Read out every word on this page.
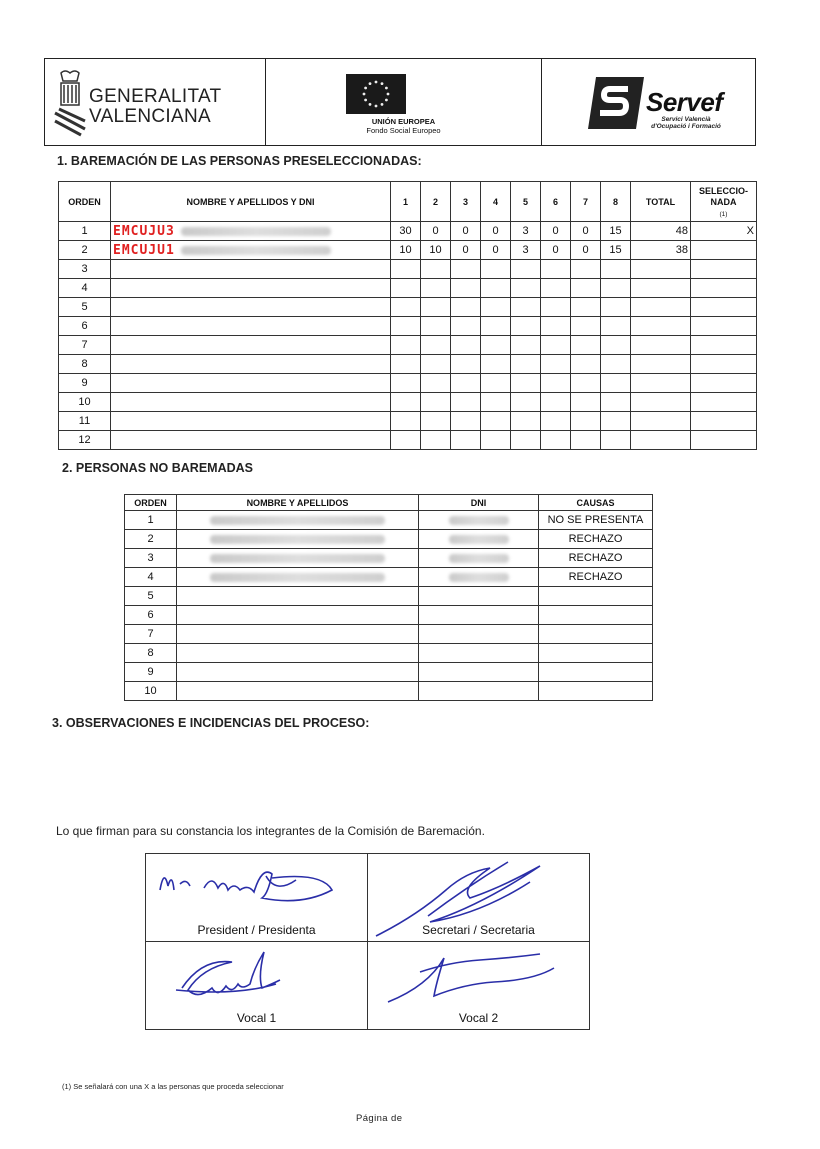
GENERALITAT
VALENCIANA	UNIÓN EUROPEA
Fondo Social Europeo
Servef
Servici Valencià d'Ocupació i Formació
1. BAREMACIÓN DE LAS PERSONAS PRESELECCIONADAS:
ORDEN	NOMBRE Y APELLIDOS Y DNI	1	2	3	4	5	6	7	8	TOTAL	SELECCIO-NADA
(1)
1	EMCUJU3	30	0	0	0	3	0	0	15	48	X
2	EMCUJU1	10	10	0	0	3	0	0	15	38	
3											
4											
5											
6											
7											
8											
9											
10											
11											
12											
2. PERSONAS NO BAREMADAS
ORDEN	NOMBRE Y APELLIDOS	DNI	CAUSAS
1			NO SE PRESENTA
2			RECHAZO
3			RECHAZO
4			RECHAZO
5			
6			
7			
8			
9			
10			
3. OBSERVACIONES E INCIDENCIAS DEL PROCESO:
Lo que firman para su constancia los integrantes de la Comisión de Baremación.
President / Presidenta	Secretari / Secretaria

Vocal 1	Vocal 2
(1) Se señalará con una X a las personas que proceda seleccionar
Página de
